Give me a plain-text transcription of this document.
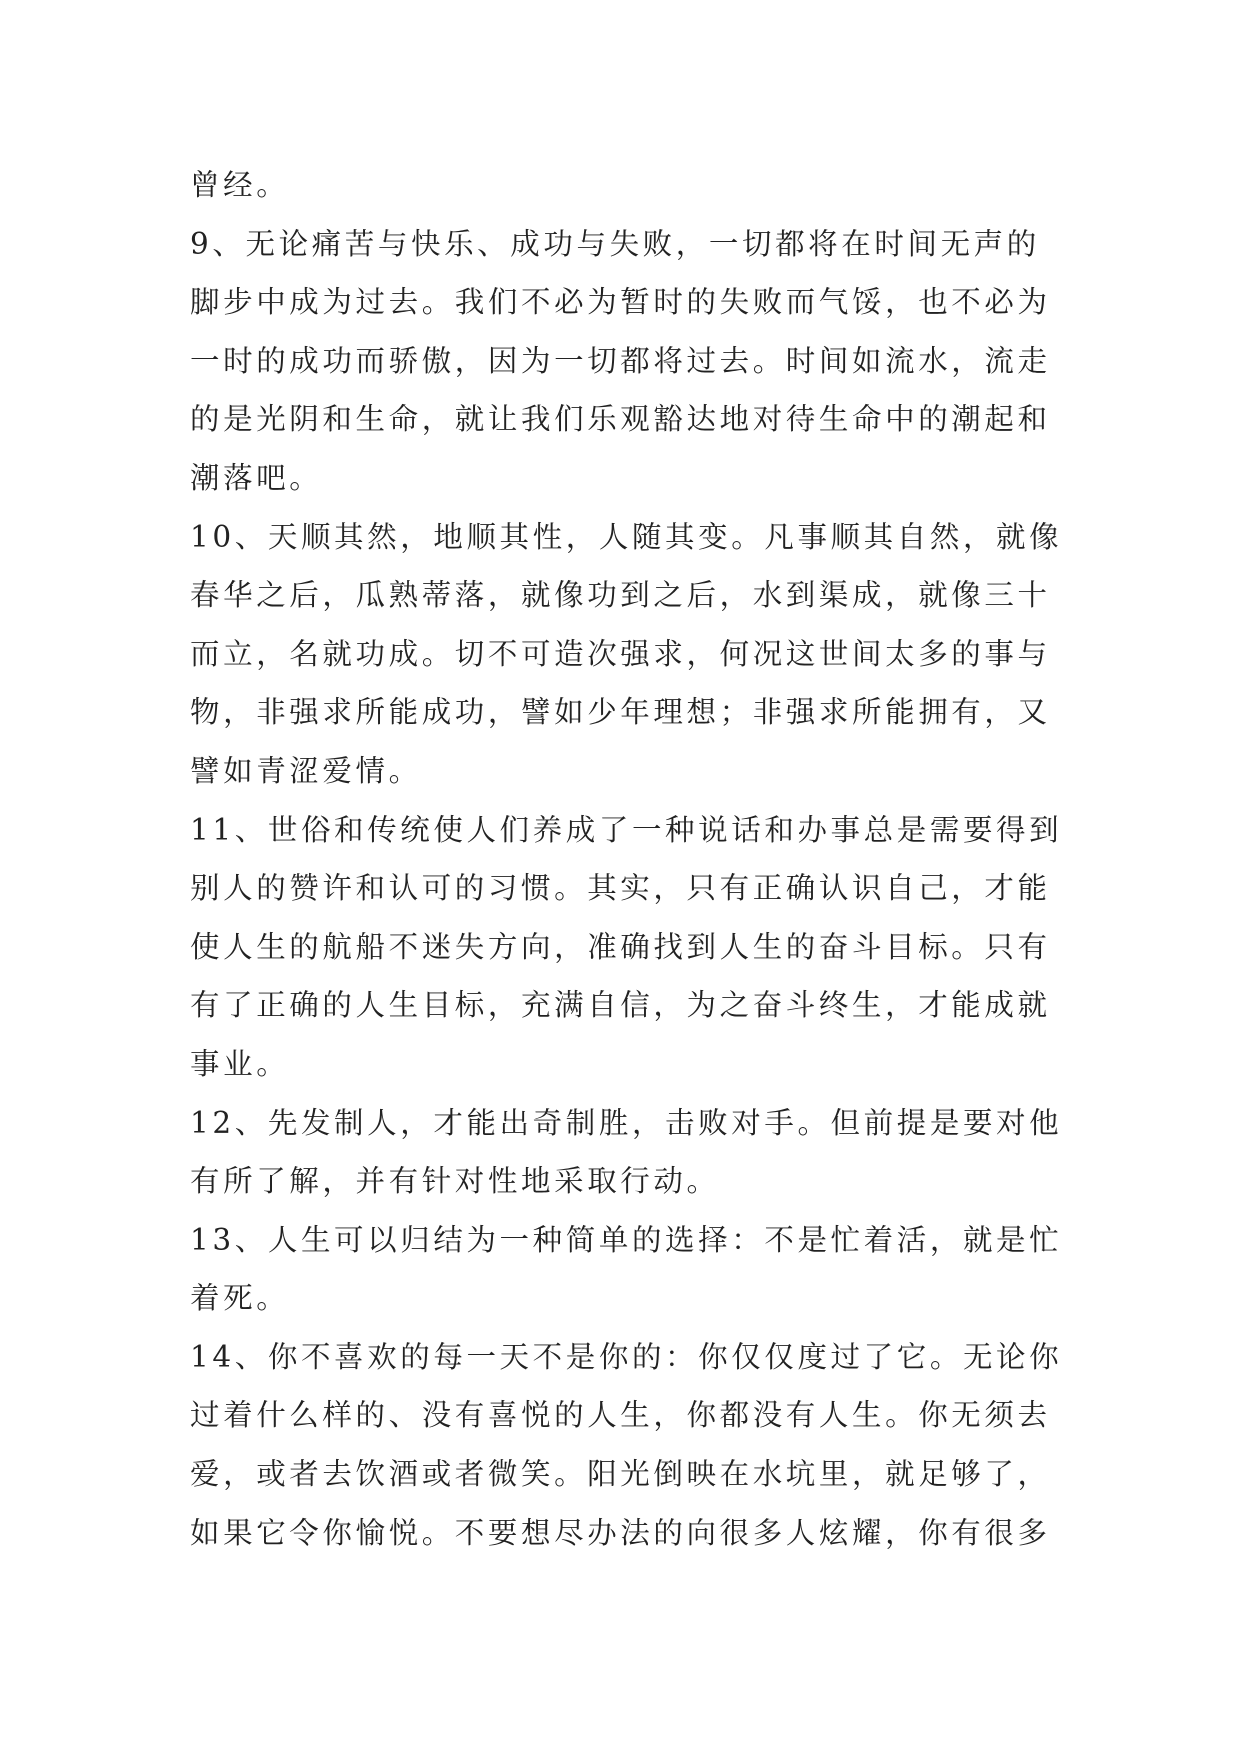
曾经。
9、无论痛苦与快乐、成功与失败，一切都将在时间无声的
脚步中成为过去。我们不必为暂时的失败而气馁，也不必为
一时的成功而骄傲，因为一切都将过去。时间如流水，流走
的是光阴和生命，就让我们乐观豁达地对待生命中的潮起和
潮落吧。
10、天顺其然，地顺其性，人随其变。凡事顺其自然，就像
春华之后，瓜熟蒂落，就像功到之后，水到渠成，就像三十
而立，名就功成。切不可造次强求，何况这世间太多的事与
物，非强求所能成功，譬如少年理想；非强求所能拥有，又
譬如青涩爱情。
11、世俗和传统使人们养成了一种说话和办事总是需要得到
别人的赞许和认可的习惯。其实，只有正确认识自己，才能
使人生的航船不迷失方向，准确找到人生的奋斗目标。只有
有了正确的人生目标，充满自信，为之奋斗终生，才能成就
事业。
12、先发制人，才能出奇制胜，击败对手。但前提是要对他
有所了解，并有针对性地采取行动。
13、人生可以归结为一种简单的选择：不是忙着活，就是忙
着死。
14、你不喜欢的每一天不是你的：你仅仅度过了它。无论你
过着什么样的、没有喜悦的人生，你都没有人生。你无须去
爱，或者去饮酒或者微笑。阳光倒映在水坑里，就足够了，
如果它令你愉悦。不要想尽办法的向很多人炫耀，你有很多
